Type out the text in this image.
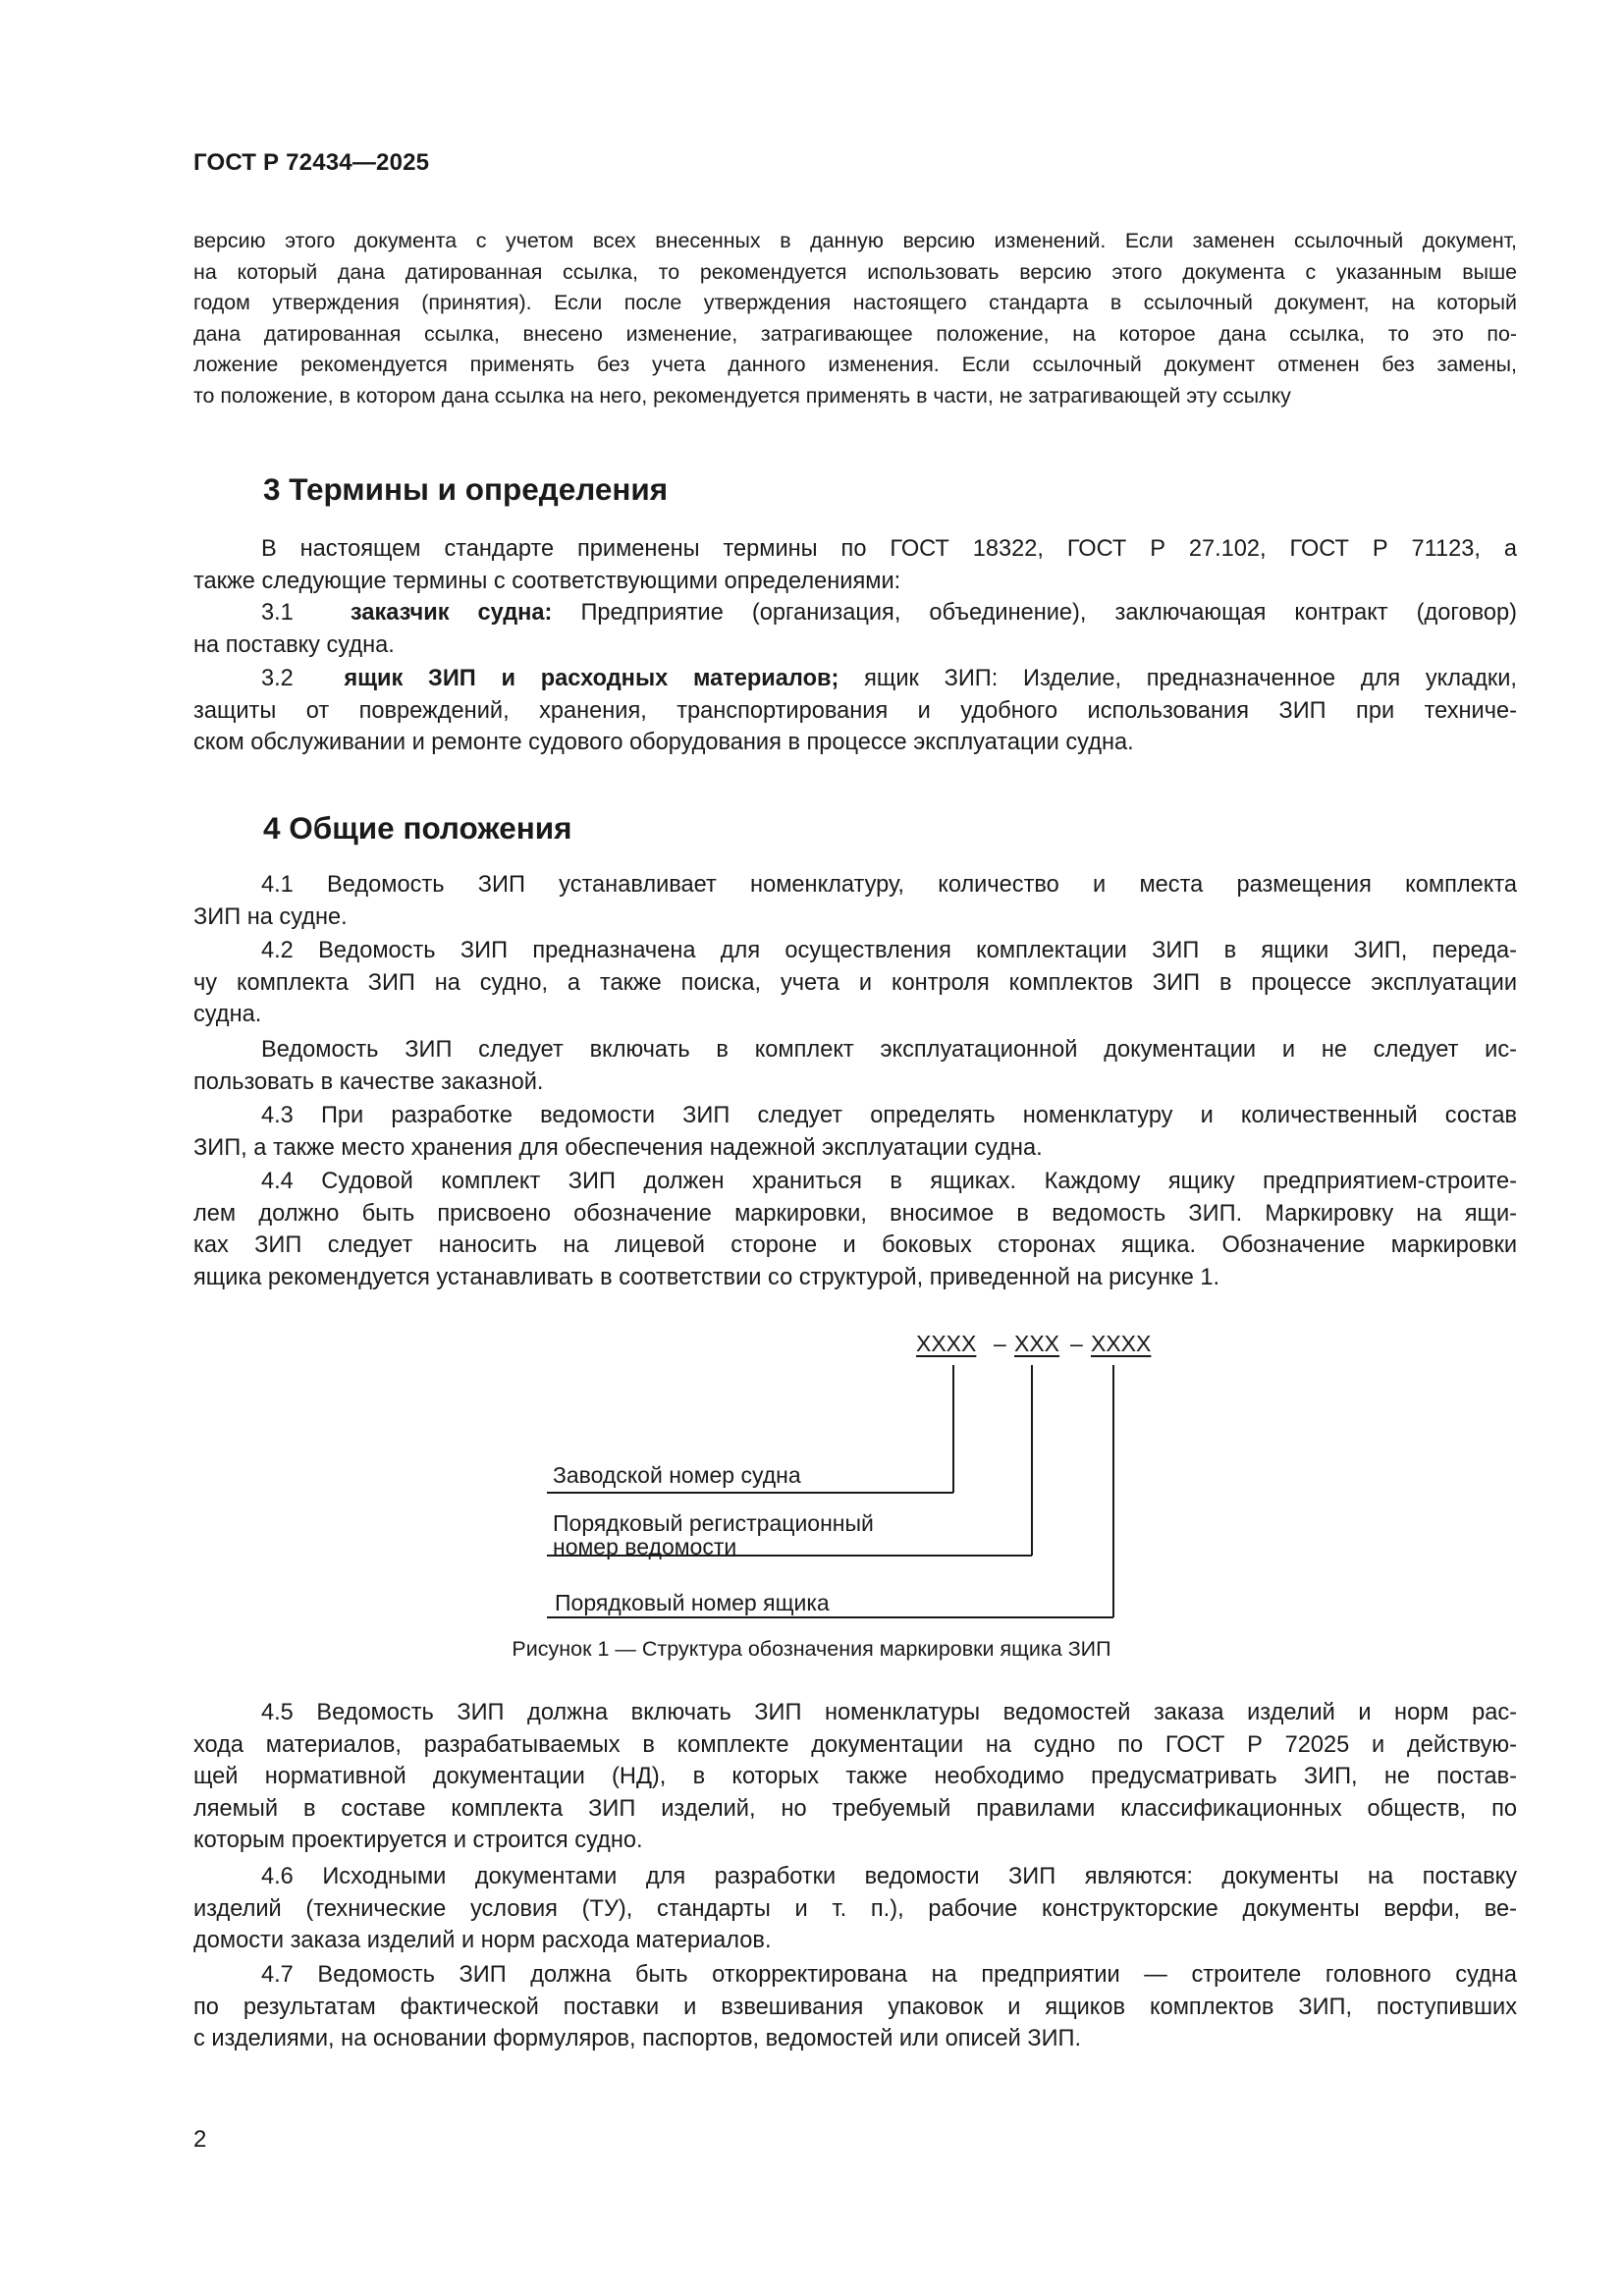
ГОСТ Р 72434—2025
версию этого документа с учетом всех внесенных в данную версию изменений. Если заменен ссылочный документ,
на который дана датированная ссылка, то рекомендуется использовать версию этого документа с указанным выше
годом утверждения (принятия). Если после утверждения настоящего стандарта в ссылочный документ, на который
дана датированная ссылка, внесено изменение, затрагивающее положение, на которое дана ссылка, то это по-
ложение рекомендуется применять без учета данного изменения. Если ссылочный документ отменен без замены,
то положение, в котором дана ссылка на него, рекомендуется применять в части, не затрагивающей эту ссылку
3 Термины и определения
В настоящем стандарте применены термины по ГОСТ 18322, ГОСТ Р 27.102, ГОСТ Р 71123, а
также следующие термины с соответствующими определениями:
3.1 заказчик судна: Предприятие (организация, объединение), заключающая контракт (договор)
на поставку судна.
3.2 ящик ЗИП и расходных материалов; ящик ЗИП: Изделие, предназначенное для укладки,
защиты от повреждений, хранения, транспортирования и удобного использования ЗИП при техниче-
ском обслуживании и ремонте судового оборудования в процессе эксплуатации судна.
4 Общие положения
4.1 Ведомость ЗИП устанавливает номенклатуру, количество и места размещения комплекта
ЗИП на судне.
4.2 Ведомость ЗИП предназначена для осуществления комплектации ЗИП в ящики ЗИП, переда-
чу комплекта ЗИП на судно, а также поиска, учета и контроля комплектов ЗИП в процессе эксплуатации
судна.
Ведомость ЗИП следует включать в комплект эксплуатационной документации и не следует ис-
пользовать в качестве заказной.
4.3 При разработке ведомости ЗИП следует определять номенклатуру и количественный состав
ЗИП, а также место хранения для обеспечения надежной эксплуатации судна.
4.4 Судовой комплект ЗИП должен храниться в ящиках. Каждому ящику предприятием-строите-
лем должно быть присвоено обозначение маркировки, вносимое в ведомость ЗИП. Маркировку на ящи-
ках ЗИП следует наносить на лицевой стороне и боковых сторонах ящика. Обозначение маркировки
ящика рекомендуется устанавливать в соответствии со структурой, приведенной на рисунке 1.
XXXX – XXX – XXXX
Заводской номер судна
Порядковый регистрационный
номер ведомости
Порядковый номер ящика
Рисунок 1 — Структура обозначения маркировки ящика ЗИП
4.5 Ведомость ЗИП должна включать ЗИП номенклатуры ведомостей заказа изделий и норм рас-
хода материалов, разрабатываемых в комплекте документации на судно по ГОСТ Р 72025 и действую-
щей нормативной документации (НД), в которых также необходимо предусматривать ЗИП, не постав-
ляемый в составе комплекта ЗИП изделий, но требуемый правилами классификационных обществ, по
которым проектируется и строится судно.
4.6 Исходными документами для разработки ведомости ЗИП являются: документы на поставку
изделий (технические условия (ТУ), стандарты и т. п.), рабочие конструкторские документы верфи, ве-
домости заказа изделий и норм расхода материалов.
4.7 Ведомость ЗИП должна быть откорректирована на предприятии — строителе головного судна
по результатам фактической поставки и взвешивания упаковок и ящиков комплектов ЗИП, поступивших
с изделиями, на основании формуляров, паспортов, ведомостей или описей ЗИП.
2
